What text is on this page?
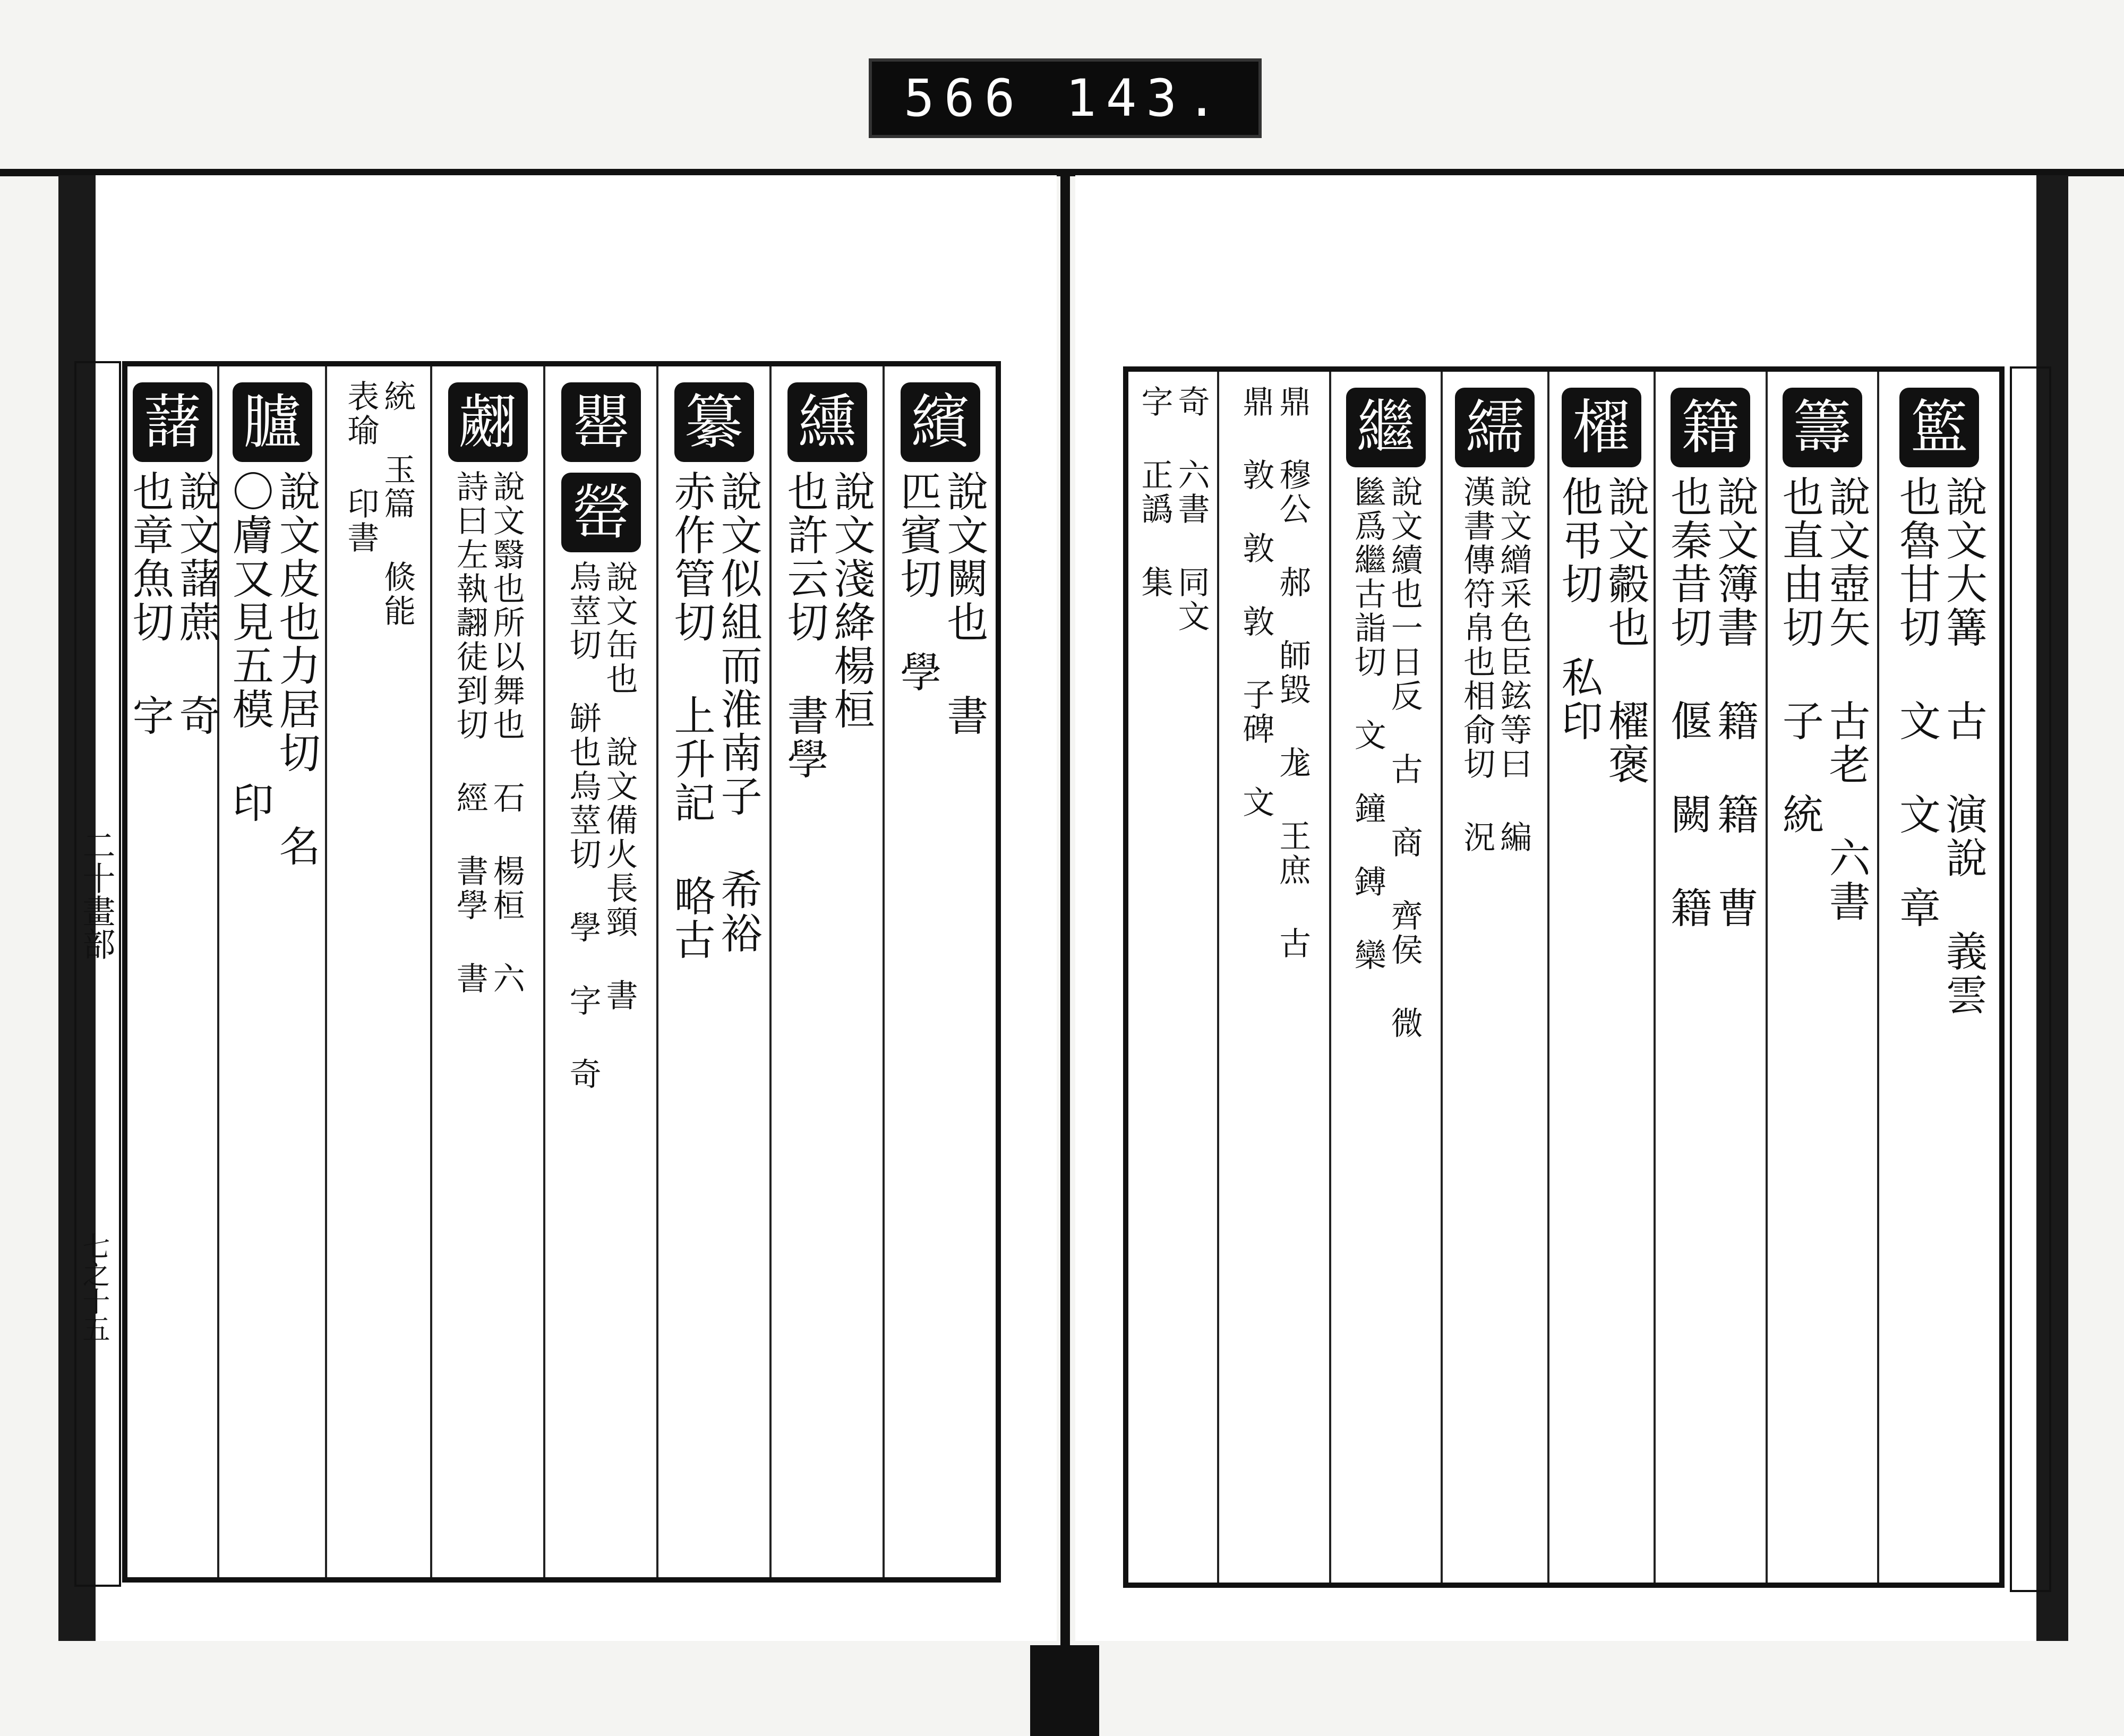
566 143.
繽
說文闕也 書
匹賓切 學
纁
說文淺絳楊桓
也許云切 書學
纂
說文似組而淮南子 希裕
赤作管切 上升記 略古
罌
罃
說文缶也 說文備火長頸 書
烏莖切 缾也烏莖切 學 字 奇
翽
說文翳也所以舞也 石 楊桓 六
詩曰左執翿徒到切 經 書學 書
統 玉篇 倐能
表瑜 印書
臚
說文皮也力居切 名
〇膚又見五模 印
藷
說文藷蔗 奇
也章魚切 字
二十畫部
七之十五
籃
說文大篝 古 演說 義雲
也魯甘切 文 文 章
籌
說文壺矢 古老 六書
也直由切 子 統
籍
說文簿書 籍 籍 曹
也秦昔切 偃 闕 籍
櫂
說文㲉也 櫂褒
他弔切 私印
繻
說文繒采色臣鉉等曰 編
漢書傳符帛也相俞切 況
繼
說文續也一日反 古 商 齊侯 微
㡭爲繼古詣切 文 鐘 鎛 欒
鼎 穆公 郝 師毀 尨 王庶 古
鼎 敦 敦 敦 子碑 文
奇 六書 同文
字 正譌 集
